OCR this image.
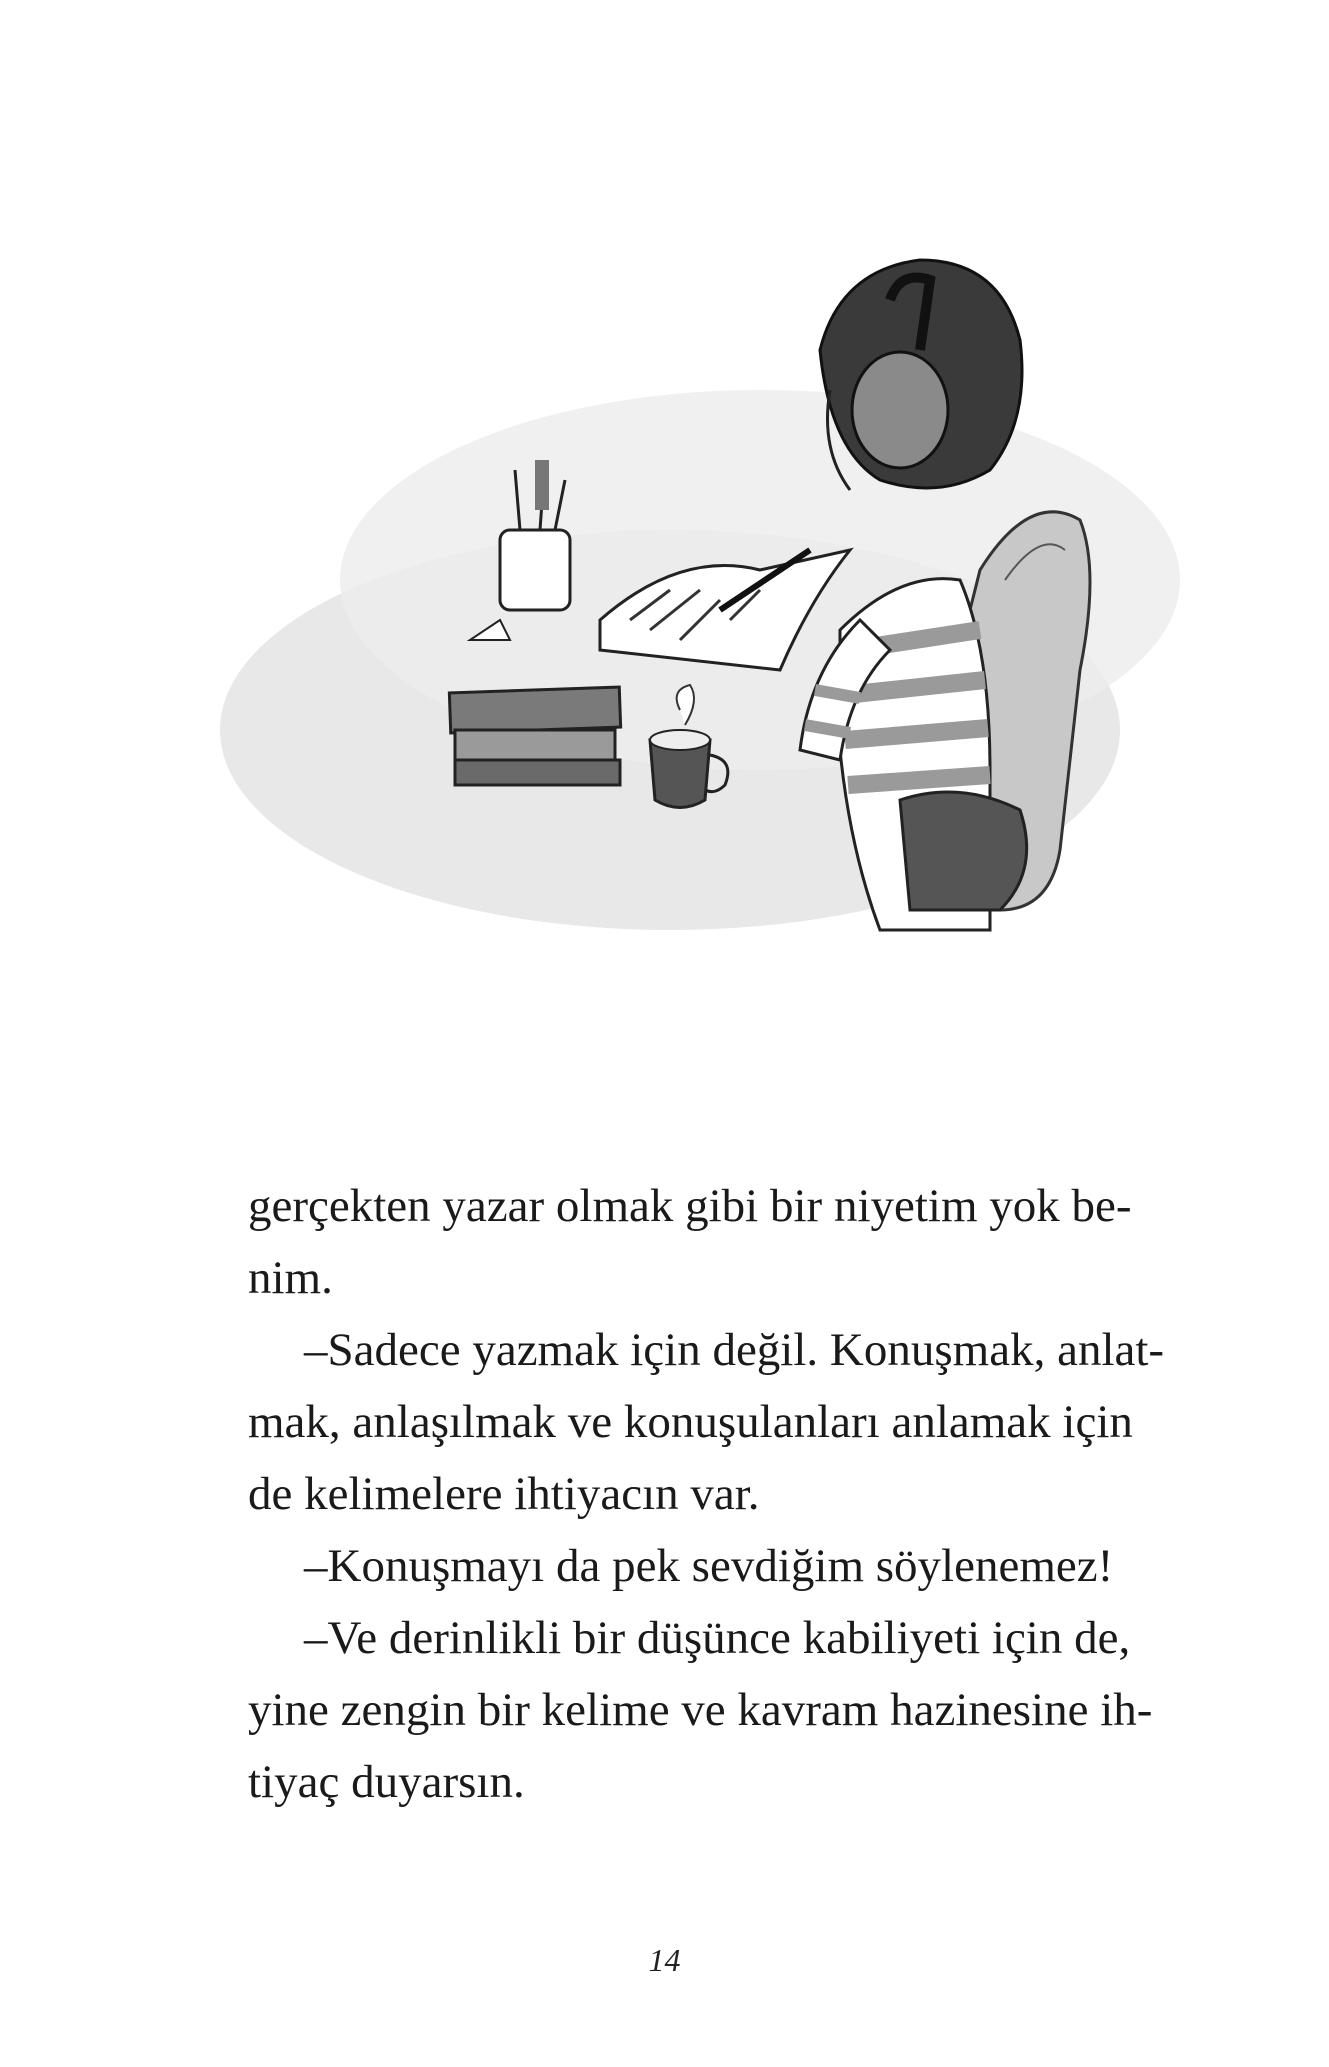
gerçekten yazar olmak gibi bir niyetim yok be-
nim.
–Sadece yazmak için değil. Konuşmak, anlat-
mak, anlaşılmak ve konuşulanları anlamak için
de kelimelere ihtiyacın var.
–Konuşmayı da pek sevdiğim söylenemez!
–Ve derinlikli bir düşünce kabiliyeti için de,
yine zengin bir kelime ve kavram hazinesine ih-
tiyaç duyarsın.
14
